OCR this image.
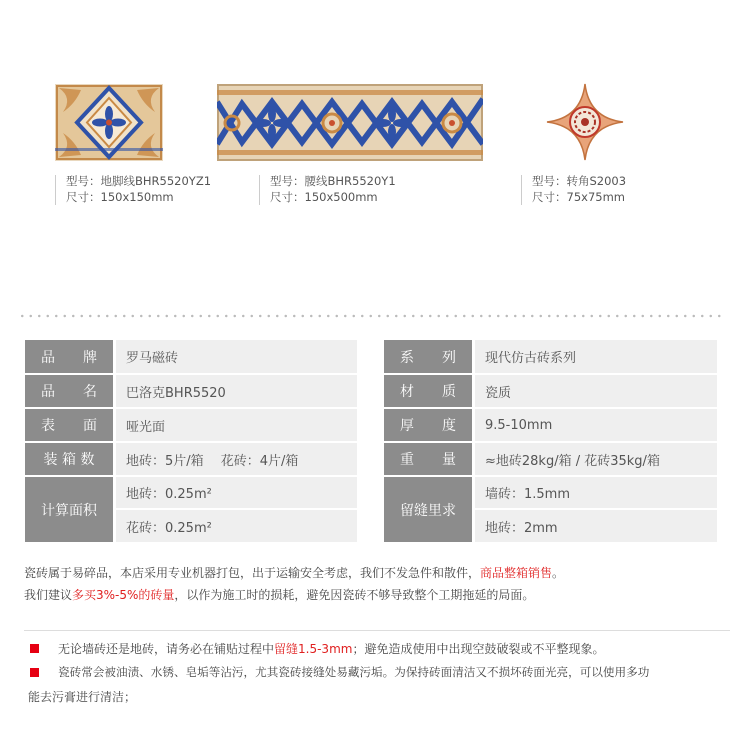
型号：地脚线BHR5520YZ1
尺寸：150x150mm
型号：腰线BHR5520Y1
尺寸：150x500mm
型号：转角S2003
尺寸：75x75mm
品　　牌	罗马磁砖
品　　名	巴洛克BHR5520
表　　面	哑光面
装 箱 数	地砖：5片/箱　 花砖：4片/箱
计算面积
地砖：0.25m²
花砖：0.25m²
系　　列	现代仿古砖系列
材　　质	瓷质
厚　　度	9.5-10mm
重　　量	≈地砖28kg/箱 / 花砖35kg/箱
留缝里求
墙砖：1.5mm
地砖：2mm
瓷砖属于易碎品，本店采用专业机器打包，出于运输安全考虑，我们不发急件和散件，商品整箱销售。
我们建议多买3%-5%的砖量，以作为施工时的损耗，避免因瓷砖不够导致整个工期拖延的局面。
无论墙砖还是地砖，请务必在铺贴过程中留缝1.5-3mm；避免造成使用中出现空鼓破裂或不平整现象。
瓷砖常会被油渍、水锈、皂垢等沾污，尤其瓷砖接缝处易藏污垢。为保持砖面清洁又不损坏砖面光亮，可以使用多功
能去污膏进行清洁；
